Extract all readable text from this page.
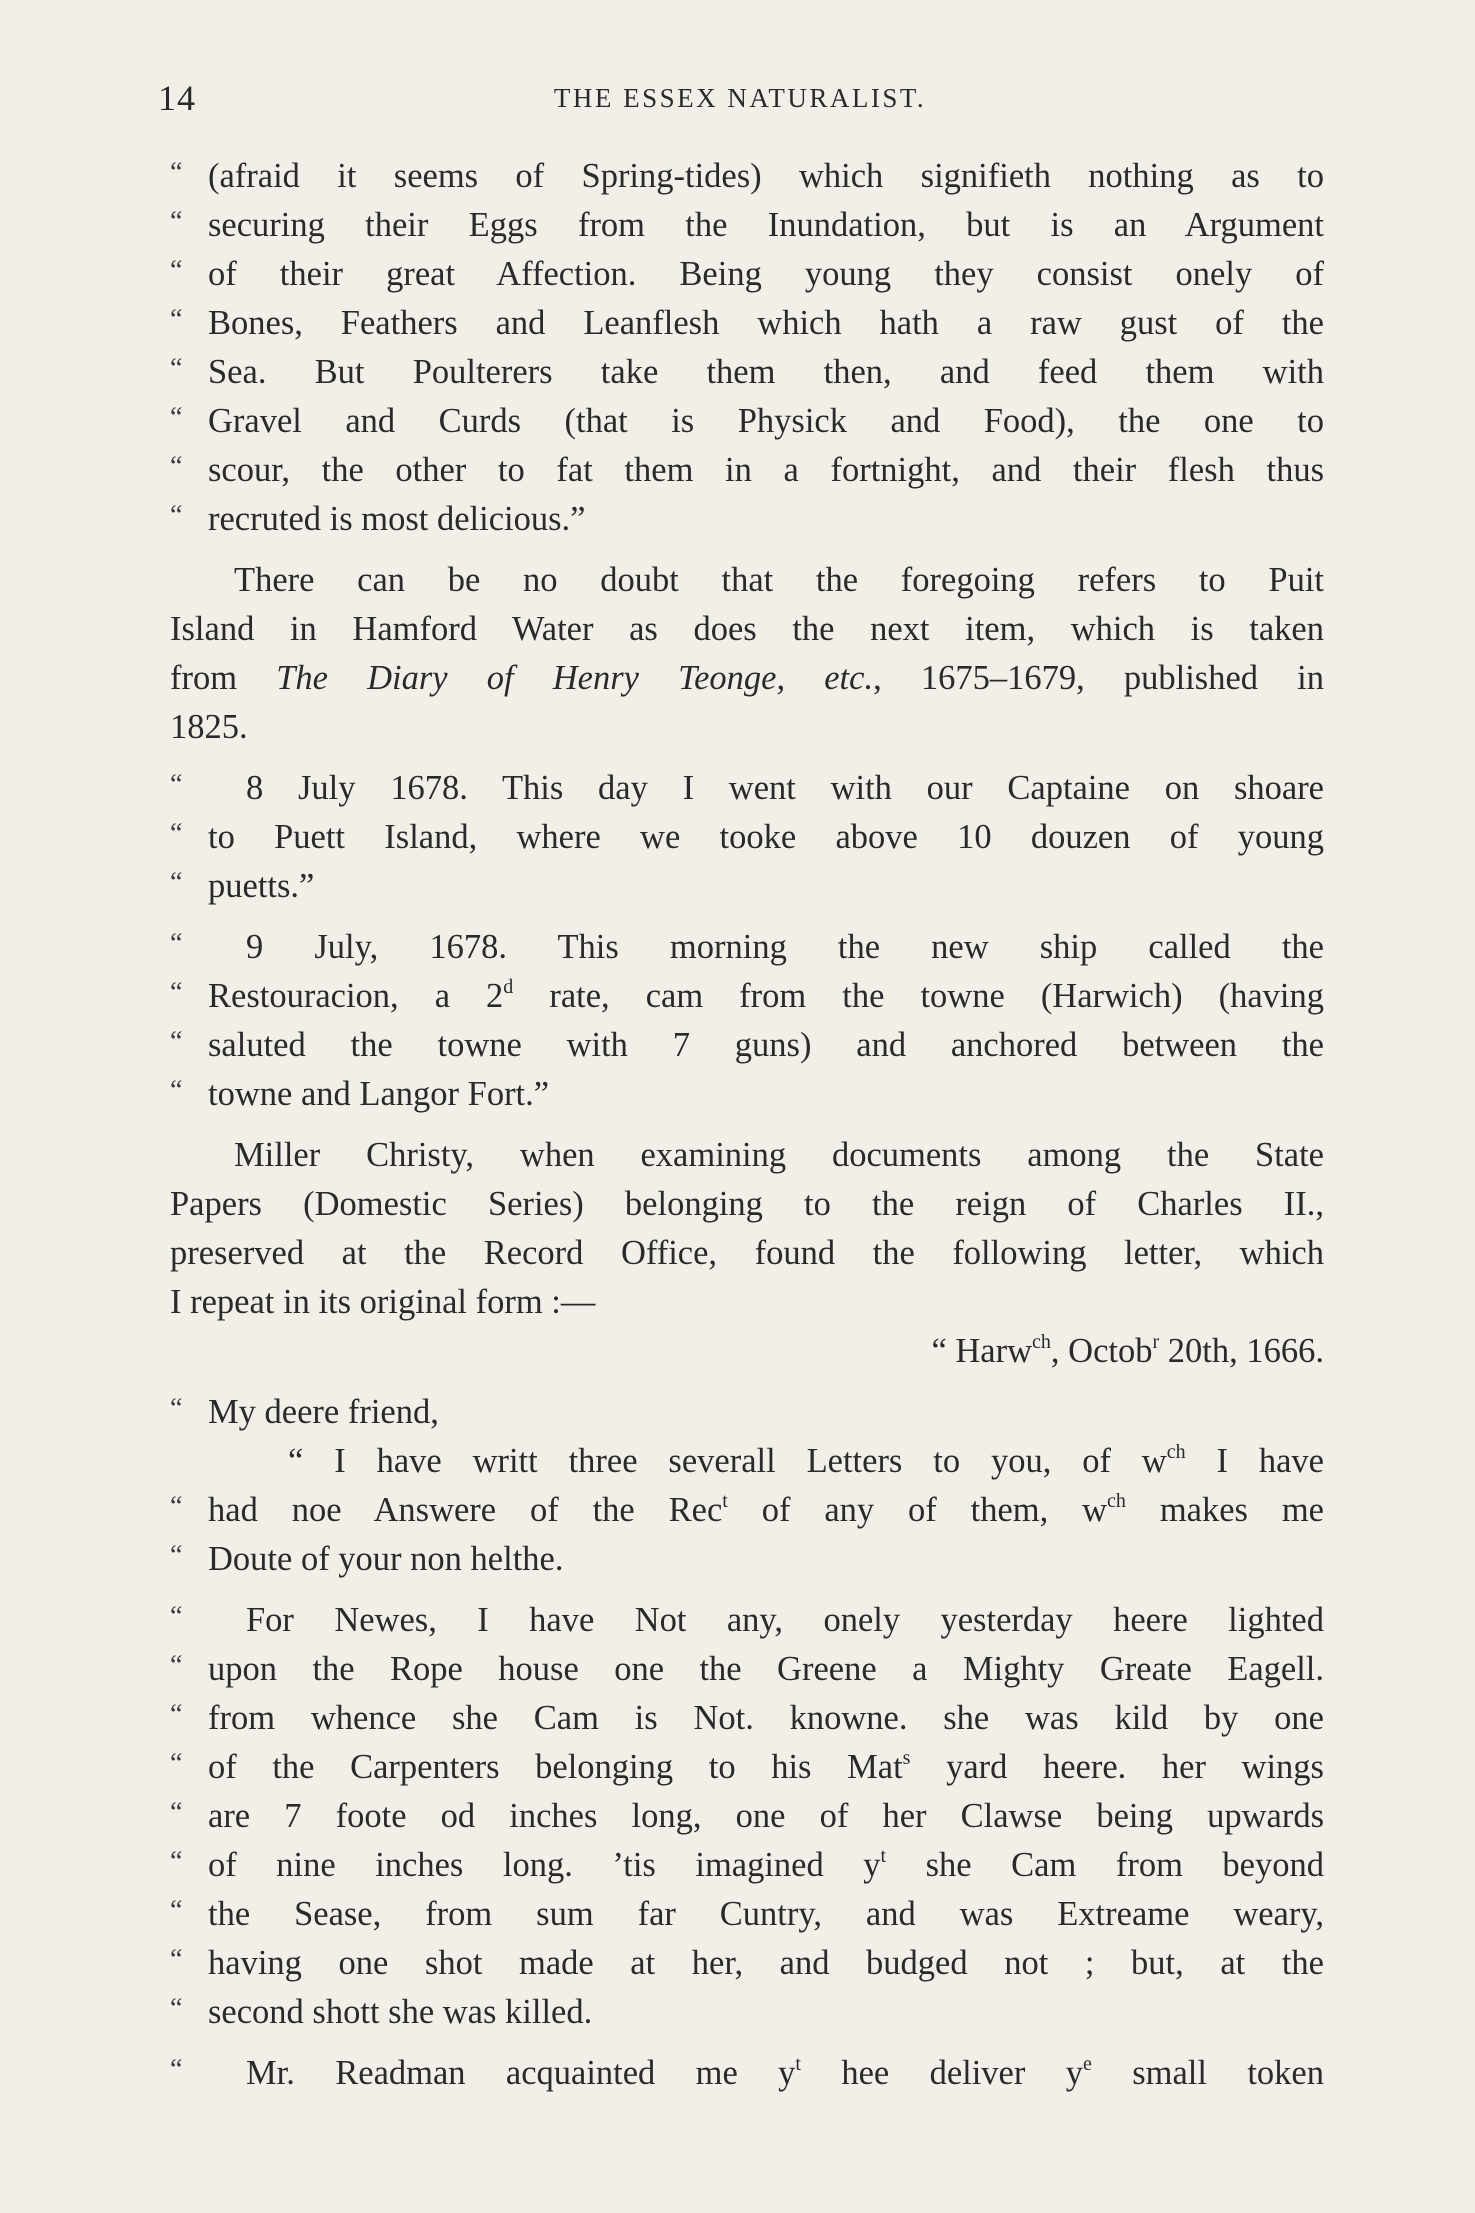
14	THE ESSEX NATURALIST.
“ (afraid it seems of Spring-tides) which signifieth nothing as to
“ securing their Eggs from the Inundation, but is an Argument
“ of their great Affection. Being young they consist onely of
“ Bones, Feathers and Leanflesh which hath a raw gust of the
“ Sea. But Poulterers take them then, and feed them with
“ Gravel and Curds (that is Physick and Food), the one to
“ scour, the other to fat them in a fortnight, and their flesh thus
“ recruted is most delicious.”
There can be no doubt that the foregoing refers to Puit
Island in Hamford Water as does the next item, which is taken
from The Diary of Henry Teonge, etc., 1675–1679, published in
1825.
“ 8 July 1678. This day I went with our Captaine on shoare
“ to Puett Island, where we tooke above 10 douzen of young
“ puetts.”
“ 9 July, 1678. This morning the new ship called the
“ Restouracion, a 2$^d$ rate, cam from the towne (Harwich) (having
“ saluted the towne with 7 guns) and anchored between the
“ towne and Langor Fort.”
Miller Christy, when examining documents among the State
Papers (Domestic Series) belonging to the reign of Charles II.,
preserved at the Record Office, found the following letter, which
I repeat in its original form :—
“ Harw$^{ch}$, Octob$^r$ 20th, 1666.
“ My deere friend,
“ I have writt three severall Letters to you, of $w^{ch}$ I have
“ had noe Answere of the Rec$^t$ of any of them, $w^{ch}$ makes me
“ Doute of your non helthe.
“ For Newes, I have Not any, onely yesterday heere lighted
“ upon the Rope house one the Greene a Mighty Greate Eagell.
“ from whence she Cam is Not. knowne. she was kild by one
“ of the Carpenters belonging to his Mat$^s$ yard heere. her wings
“ are 7 foote od inches long, one of her Clawse being upwards
“ of nine inches long. ’tis imagined $y^t$ she Cam from beyond
“ the Sease, from sum far Cuntry, and was Extreame weary,
“ having one shot made at her, and budged not ; but, at the
“ second shott she was killed.
“ Mr. Readman acquainted me $y^t$ hee deliver $y^e$ small token
